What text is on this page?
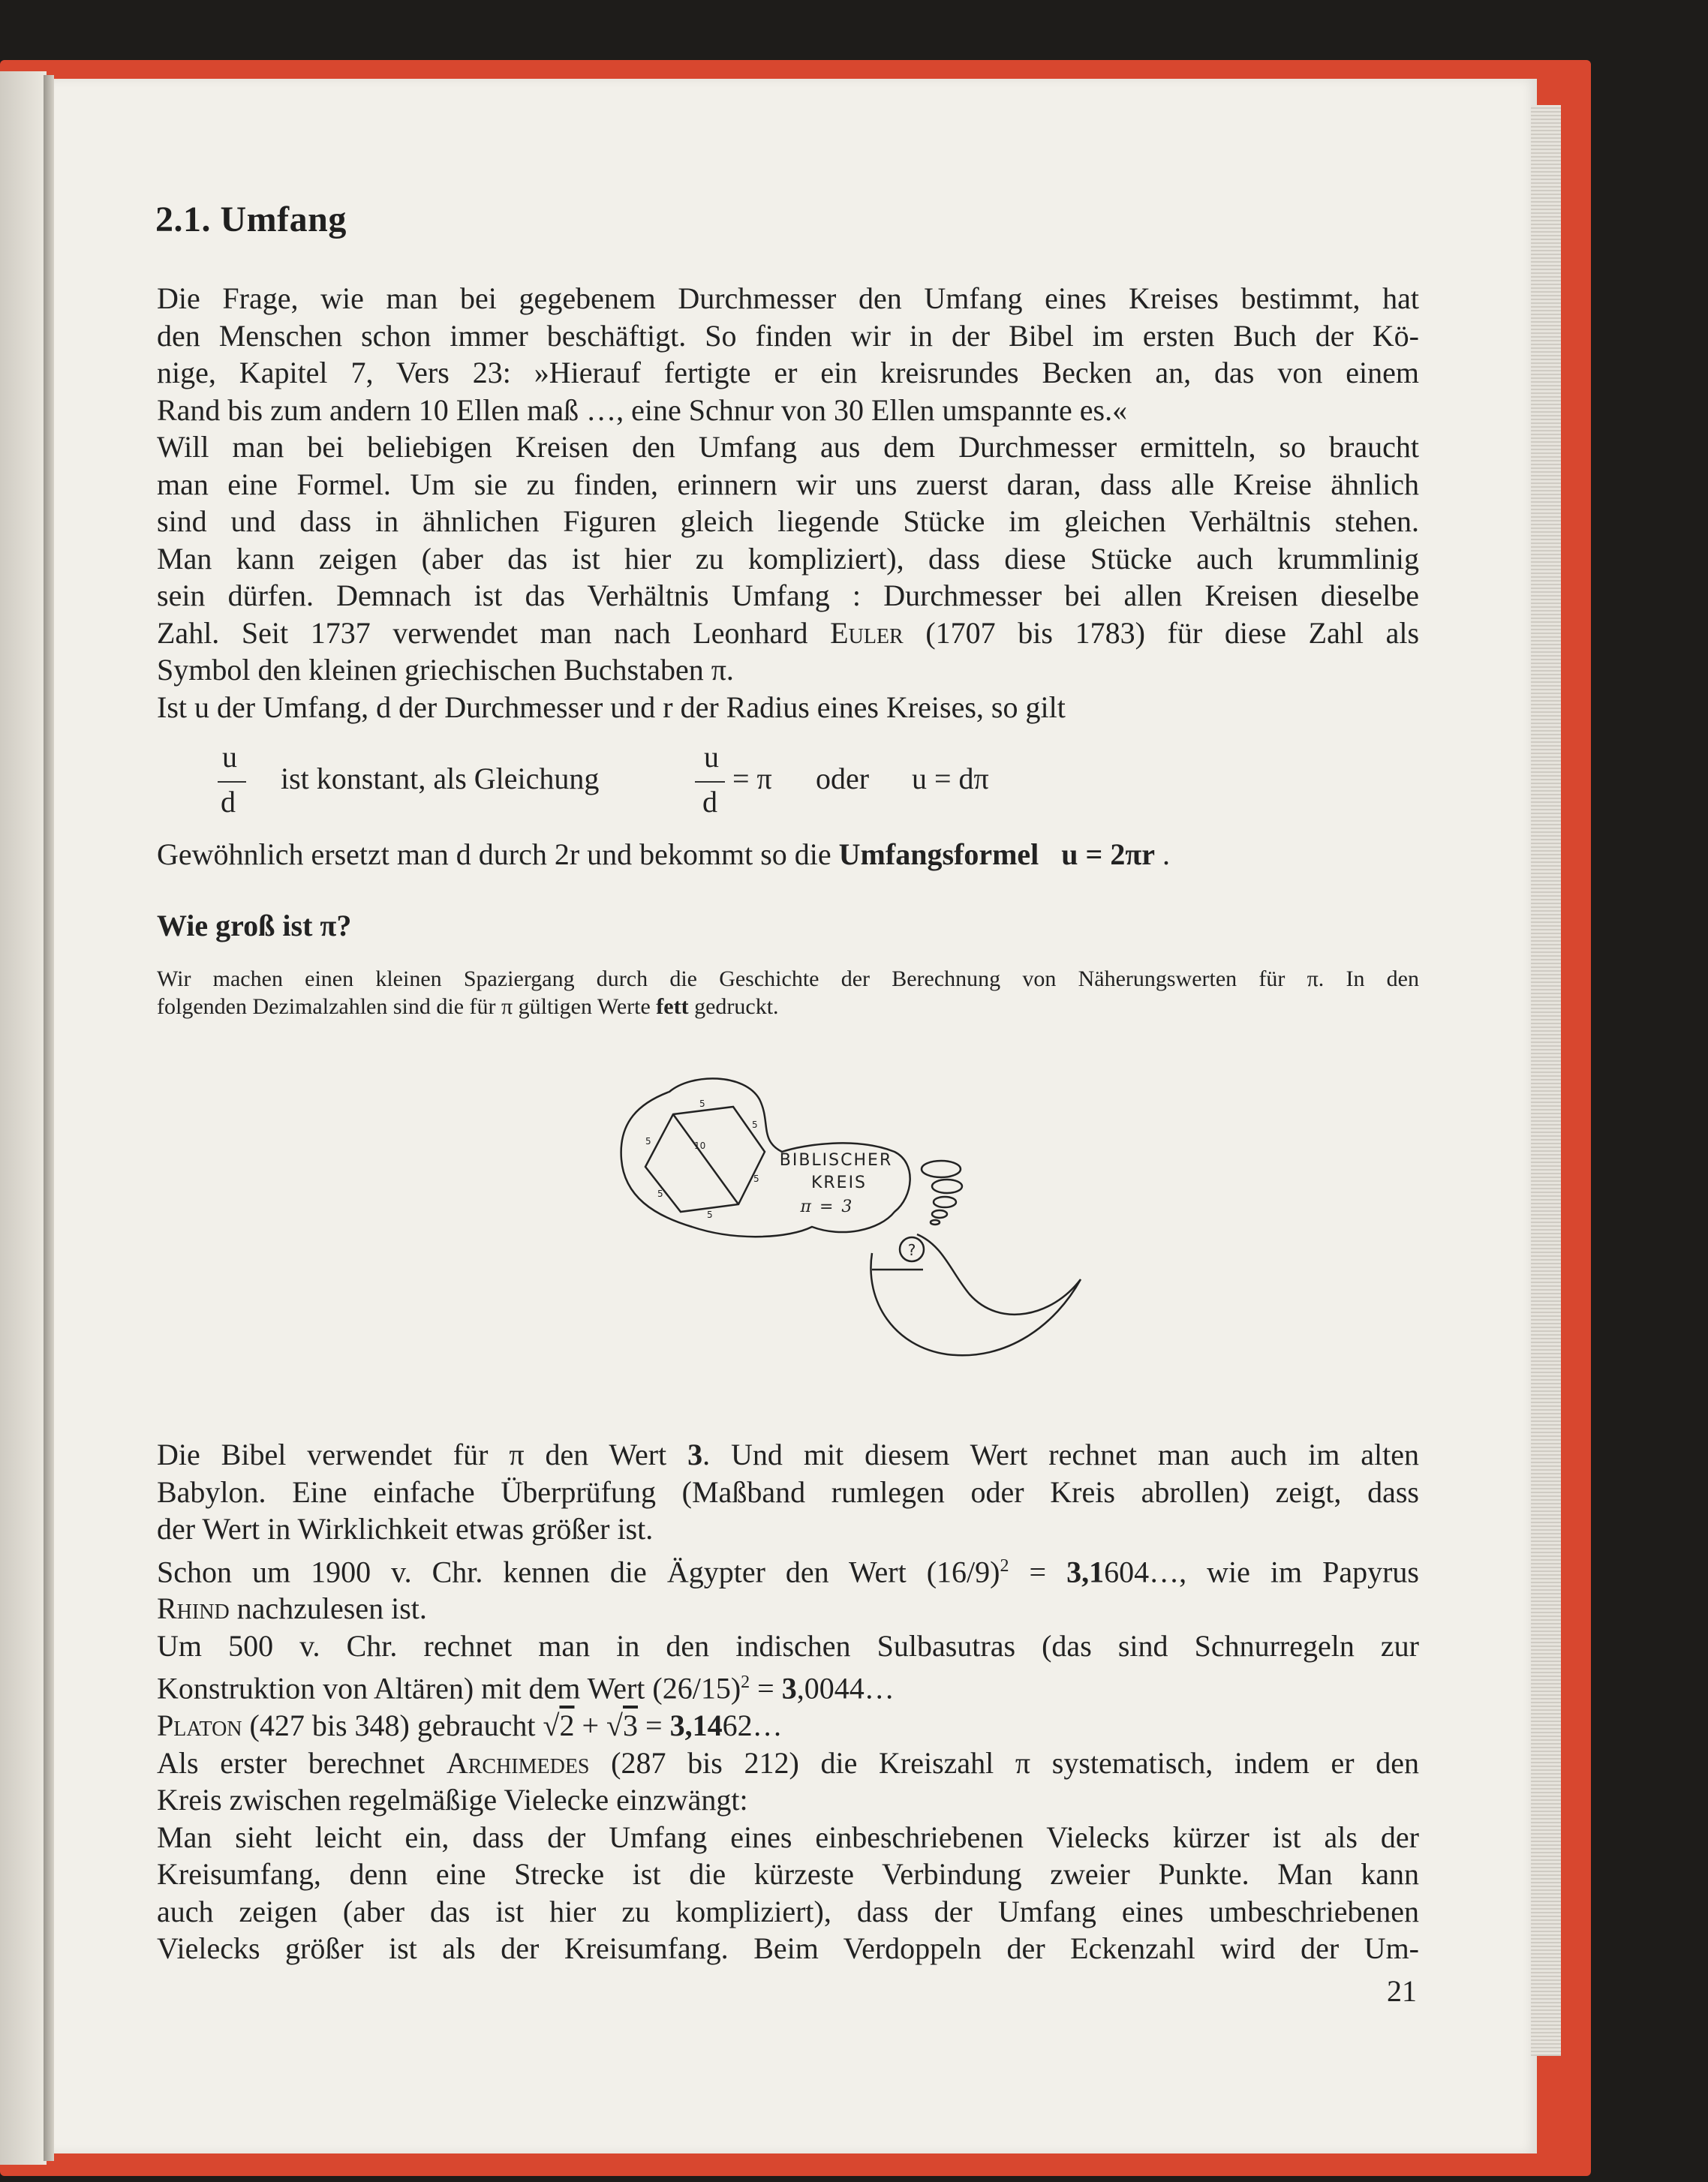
2.1. Umfang
Die Frage, wie man bei gegebenem Durchmesser den Umfang eines Kreises bestimmt, hat
den Menschen schon immer beschäftigt. So finden wir in der Bibel im ersten Buch der Kö-
nige, Kapitel 7, Vers 23: »Hierauf fertigte er ein kreisrundes Becken an, das von einem
Rand bis zum andern 10 Ellen maß …, eine Schnur von 30 Ellen umspannte es.«
Will man bei beliebigen Kreisen den Umfang aus dem Durchmesser ermitteln, so braucht
man eine Formel. Um sie zu finden, erinnern wir uns zuerst daran, dass alle Kreise ähnlich
sind und dass in ähnlichen Figuren gleich liegende Stücke im gleichen Verhältnis stehen.
Man kann zeigen (aber das ist hier zu kompliziert), dass diese Stücke auch krummlinig
sein dürfen. Demnach ist das Verhältnis Umfang : Durchmesser bei allen Kreisen dieselbe
Zahl. Seit 1737 verwendet man nach Leonhard Euler (1707 bis 1783) für diese Zahl als
Symbol den kleinen griechischen Buchstaben π.
Ist u der Umfang, d der Durchmesser und r der Radius eines Kreises, so gilt
u
d
ist konstant, als Gleichung
u
d
= π oder u = dπ
Gewöhnlich ersetzt man d durch 2r und bekommt so die Umfangsformel u = 2πr .
Wie groß ist π?
Wir machen einen kleinen Spaziergang durch die Geschichte der Berechnung von Näherungswerten für π. In den
folgenden Dezimalzahlen sind die für π gültigen Werte fett gedruckt.
5
5
5
5
5
5	10
BIBLISCHER
KREIS
π = 3
?
Die Bibel verwendet für π den Wert 3. Und mit diesem Wert rechnet man auch im alten
Babylon. Eine einfache Überprüfung (Maßband rumlegen oder Kreis abrollen) zeigt, dass
der Wert in Wirklichkeit etwas größer ist.
Schon um 1900 v. Chr. kennen die Ägypter den Wert $(16/9)^2$ = 3,1604…, wie im Papyrus
Rhind nachzulesen ist.
Um 500 v. Chr. rechnet man in den indischen Sulbasutras (das sind Schnurregeln zur
Konstruktion von Altären) mit dem Wert $(26/15)^2$ = 3,0044…
Platon (427 bis 348) gebraucht √2 + √3 = 3,1462…
Als erster berechnet Archimedes (287 bis 212) die Kreiszahl π systematisch, indem er den
Kreis zwischen regelmäßige Vielecke einzwängt:
Man sieht leicht ein, dass der Umfang eines einbeschriebenen Vielecks kürzer ist als der
Kreisumfang, denn eine Strecke ist die kürzeste Verbindung zweier Punkte. Man kann
auch zeigen (aber das ist hier zu kompliziert), dass der Umfang eines umbeschriebenen
Vielecks größer ist als der Kreisumfang. Beim Verdoppeln der Eckenzahl wird der Um-
21
